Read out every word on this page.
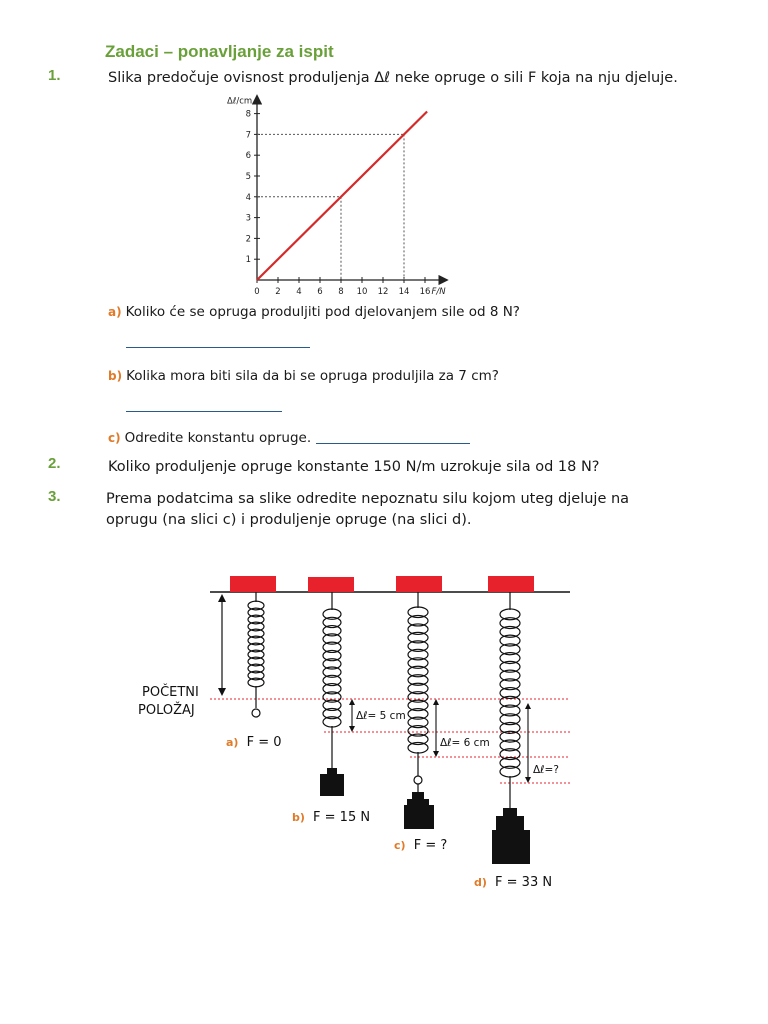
Zadaci – ponavljanje za ispit
1.	Slika predočuje ovisnost produljenja Δℓ neke opruge o sili F koja na nju djeluje.
0 2 4 6 8 10 12 14 16
1
2
3
4
5
6
7
8
Δℓ/cm
F/N
a) Koliko će se opruga produljiti pod djelovanjem sile od 8 N?
b) Kolika mora biti sila da bi se opruga produljila za 7 cm?
c) Odredite konstantu opruge.
2.	Koliko produljenje opruge konstante 150 N/m uzrokuje sila od 18 N?
3.	Prema podatcima sa slike odredite nepoznatu silu kojom uteg djeluje na
oprugu (na slici c) i produljenje opruge (na slici d).
POČETNI
POLOŽAJ	Δℓ= 5 cm
Δℓ= 6 cm
Δℓ=?
a) F = 0
b) F = 15 N
c) F = ?
d) F = 33 N
